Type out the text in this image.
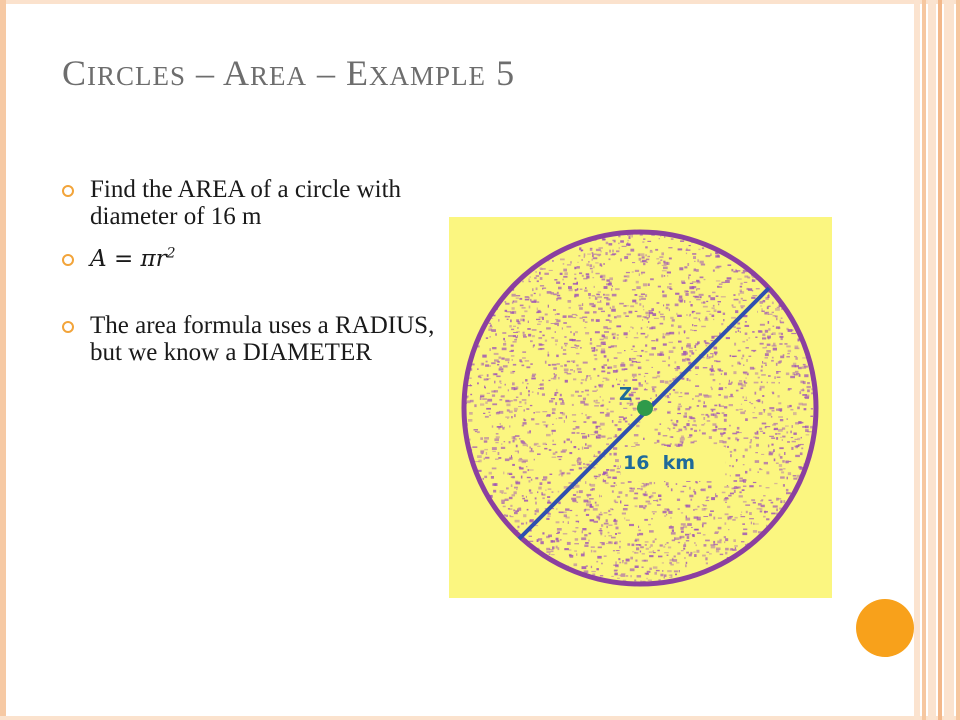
CIRCLES – AREA – EXAMPLE 5
Find the AREA of a circle with diameter of 16 m
$A = \pi r^2$
The area formula uses a RADIUS, but we know a DIAMETER
Z
16  km
